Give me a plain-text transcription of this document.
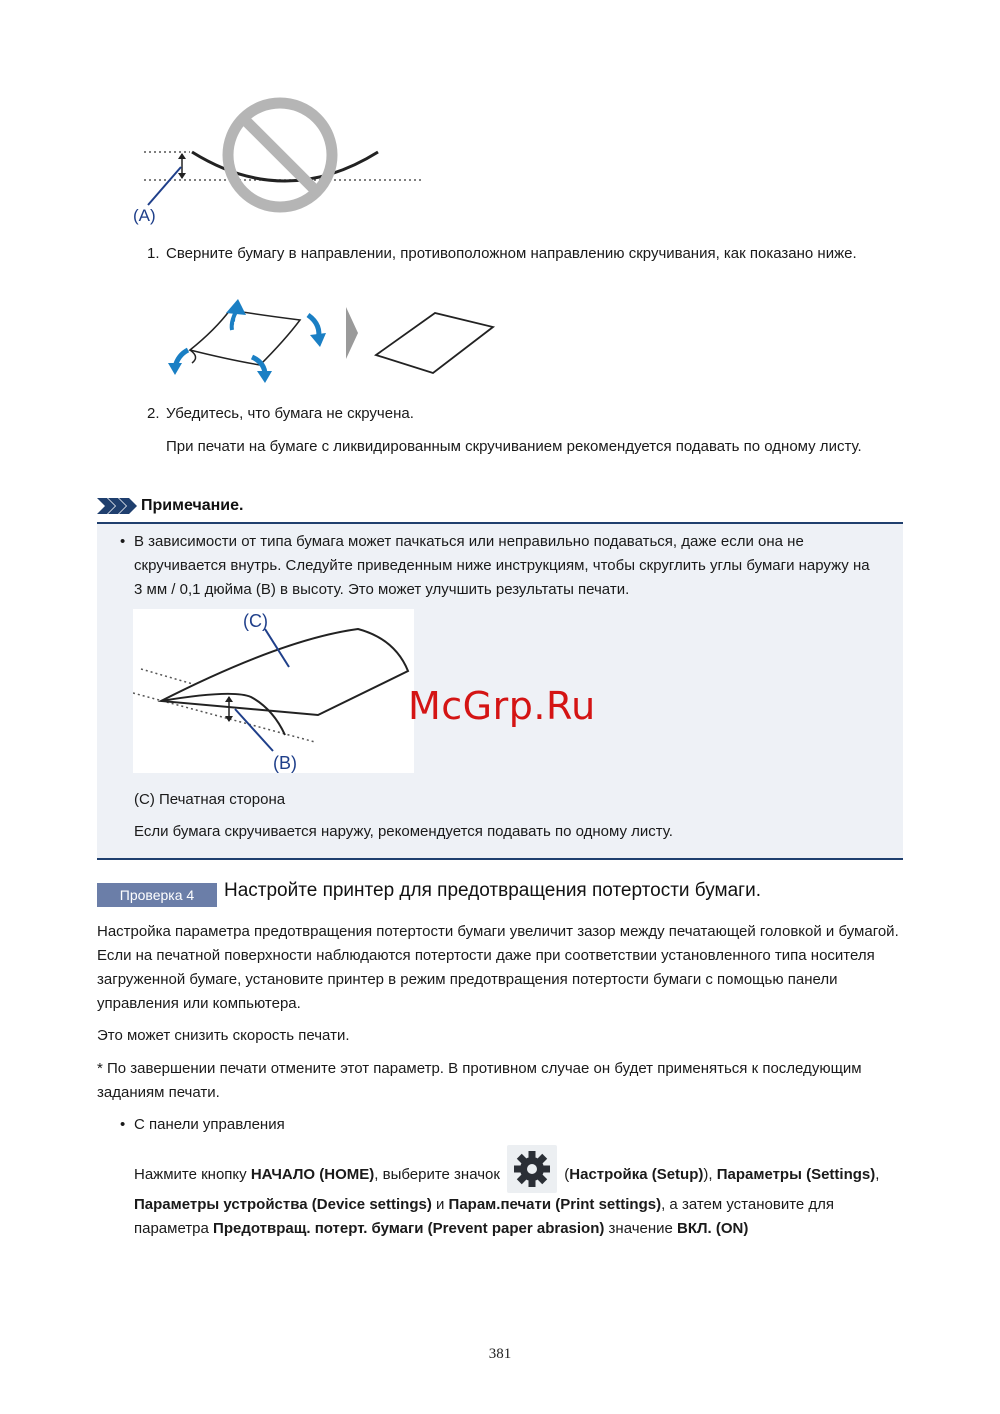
(A)
1. Сверните бумагу в направлении, противоположном направлению скручивания, как показано ниже.
2. Убедитесь, что бумага не скручена.
При печати на бумаге с ликвидированным скручиванием рекомендуется подавать по одному листу.
Примечание.
• В зависимости от типа бумага может пачкаться или неправильно подаваться, даже если она не скручивается внутрь. Следуйте приведенным ниже инструкциям, чтобы скруглить углы бумаги наружу на 3 мм / 0,1 дюйма (B) в высоту. Это может улучшить результаты печати.
(C)
(B)
(C) Печатная сторона
Если бумага скручивается наружу, рекомендуется подавать по одному листу.
McGrp.Ru
Проверка 4	Настройте принтер для предотвращения потертости бумаги.
Настройка параметра предотвращения потертости бумаги увеличит зазор между печатающей головкой и бумагой. Если на печатной поверхности наблюдаются потертости даже при соответствии установленного типа носителя загруженной бумаге, установите принтер в режим предотвращения потертости бумаги с помощью панели управления или компьютера.
Это может снизить скорость печати.
* По завершении печати отмените этот параметр. В противном случае он будет применяться к последующим заданиям печати.
• С панели управления
Нажмите кнопку НАЧАЛО (HOME), выберите значок	(Настройка (Setup)), Параметры (Settings), Параметры устройства (Device settings) и Парам.печати (Print settings), а затем установите для параметра Предотвращ. потерт. бумаги (Prevent paper abrasion) значение ВКЛ. (ON)
381
